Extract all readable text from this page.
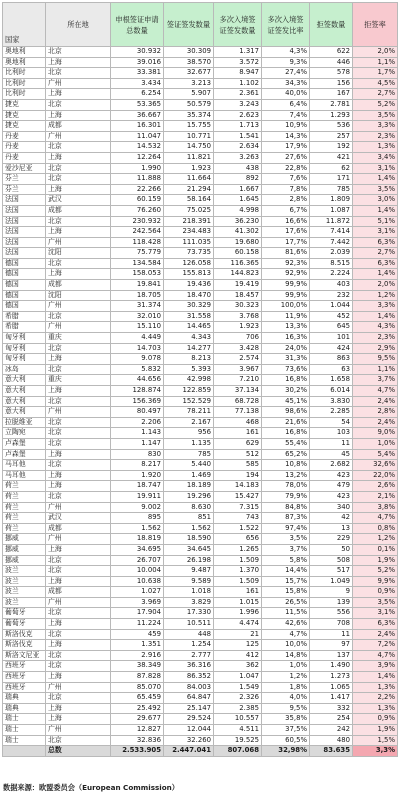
国家	所在地	申根签证申请总数量	签证签发数量	多次入境签证签发数量	多次入境签证签发比率	拒签数量	拒签率
奥地利	北京	30.932	30.309	1.317	4,3%	622	2,0%
奥地利	上海	39.016	38.570	3.572	9,3%	446	1,1%
比利时	北京	33.381	32.677	8.947	27,4%	578	1,7%
比利时	广州	3.434	3.213	1.102	34,3%	156	4,5%
比利时	上海	6.254	5.907	2.361	40,0%	167	2,7%
捷克	北京	53.365	50.579	3.243	6,4%	2.781	5,2%
捷克	上海	36.667	35.374	2.623	7,4%	1.293	3,5%
捷克	成都	16.301	15.755	1.713	10,9%	536	3,3%
丹麦	广州	11.047	10.771	1.541	14,3%	257	2,3%
丹麦	北京	14.532	14.750	2.634	17,9%	192	1,3%
丹麦	上海	12.264	11.821	3.263	27,6%	421	3,4%
爱沙尼亚	北京	1.990	1.923	438	22,8%	62	3,1%
芬兰	北京	11.888	11.664	892	7,6%	171	1,4%
芬兰	上海	22.266	21.294	1.667	7,8%	785	3,5%
法国	武汉	60.159	58.164	1.645	2,8%	1.809	3,0%
法国	成都	76.260	75.025	4.998	6,7%	1.087	1,4%
法国	北京	230.932	218.391	36.230	16,6%	11.872	5,1%
法国	上海	242.564	234.483	41.302	17,6%	7.414	3,1%
法国	广州	118.428	111.035	19.680	17,7%	7.442	6,3%
法国	沈阳	75.779	73.735	60.158	81,6%	2.039	2,7%
德国	北京	134.584	126.058	116.365	92,3%	8.515	6,3%
德国	上海	158.053	155.813	144.823	92,9%	2.224	1,4%
德国	成都	19.841	19.436	19.419	99,9%	403	2,0%
德国	沈阳	18.705	18.470	18.457	99,9%	232	1,2%
德国	广州	31.374	30.329	30.323	100,0%	1.044	3,3%
希腊	北京	32.010	31.558	3.768	11,9%	452	1,4%
希腊	广州	15.110	14.465	1.923	13,3%	645	4,3%
匈牙利	重庆	4.449	4.343	706	16,3%	101	2,3%
匈牙利	北京	14.703	14.277	3.428	24,0%	424	2,9%
匈牙利	上海	9.078	8.213	2.574	31,3%	863	9,5%
冰岛	北京	5.832	5.393	3.967	73,6%	63	1,1%
意大利	重庆	44.656	42.998	7.210	16,8%	1.658	3,7%
意大利	上海	128.874	122.859	37.134	30,2%	6.014	4,7%
意大利	北京	156.369	152.529	68.728	45,1%	3.830	2,4%
意大利	广州	80.497	78.211	77.138	98,6%	2.285	2,8%
拉脱维亚	北京	2.206	2.167	468	21,6%	54	2,4%
立陶宛	北京	1.143	956	161	16,8%	103	9,0%
卢森堡	北京	1.147	1.135	629	55,4%	11	1,0%
卢森堡	上海	830	785	512	65,2%	45	5,4%
马耳他	北京	8.217	5.440	585	10,8%	2.682	32,6%
马耳他	上海	1.920	1.469	194	13,2%	423	22,0%
荷兰	上海	18.747	18.189	14.183	78,0%	479	2,6%
荷兰	北京	19.911	19.296	15.427	79,9%	423	2,1%
荷兰	广州	9.002	8.630	7.315	84,8%	340	3,8%
荷兰	武汉	895	851	743	87,3%	42	4,7%
荷兰	成都	1.562	1.562	1.522	97,4%	13	0,8%
挪威	广州	18.819	18.590	656	3,5%	229	1,2%
挪威	上海	34.695	34.645	1.265	3,7%	50	0,1%
挪威	北京	26.707	26.198	1.509	5,8%	508	1,9%
波兰	北京	10.004	9.487	1.370	14,4%	517	5,2%
波兰	上海	10.638	9.589	1.509	15,7%	1.049	9,9%
波兰	成都	1.027	1.018	161	15,8%	9	0,9%
波兰	广州	3.969	3.829	1.015	26,5%	139	3,5%
葡萄牙	北京	17.904	17.330	1.996	11,5%	556	3,1%
葡萄牙	上海	11.224	10.511	4.474	42,6%	708	6,3%
斯洛伐克	北京	459	448	21	4,7%	11	2,4%
斯洛伐克	上海	1.351	1.254	125	10,0%	97	7,2%
斯洛文尼亚	北京	2.916	2.777	412	14,8%	137	4,7%
西班牙	北京	38.349	36.316	362	1,0%	1.490	3,9%
西班牙	上海	87.828	86.352	1.047	1,2%	1.273	1,4%
西班牙	广州	85.070	84.003	1.549	1,8%	1.065	1,3%
瑞典	北京	65.459	64.847	2.326	4,0%	1.417	2,2%
瑞典	上海	25.492	25.147	2.385	9,5%	332	1,3%
瑞士	上海	29.677	29.524	10.557	35,8%	254	0,9%
瑞士	广州	12.827	12.044	4.511	37,5%	242	1,9%
瑞士	北京	32.836	32.260	19.525	60,5%	480	1,5%
	总数	2.533.905	2.447.041	807.068	32,98%	83.635	3,3%
数据来源：欧盟委员会（European Commission）
